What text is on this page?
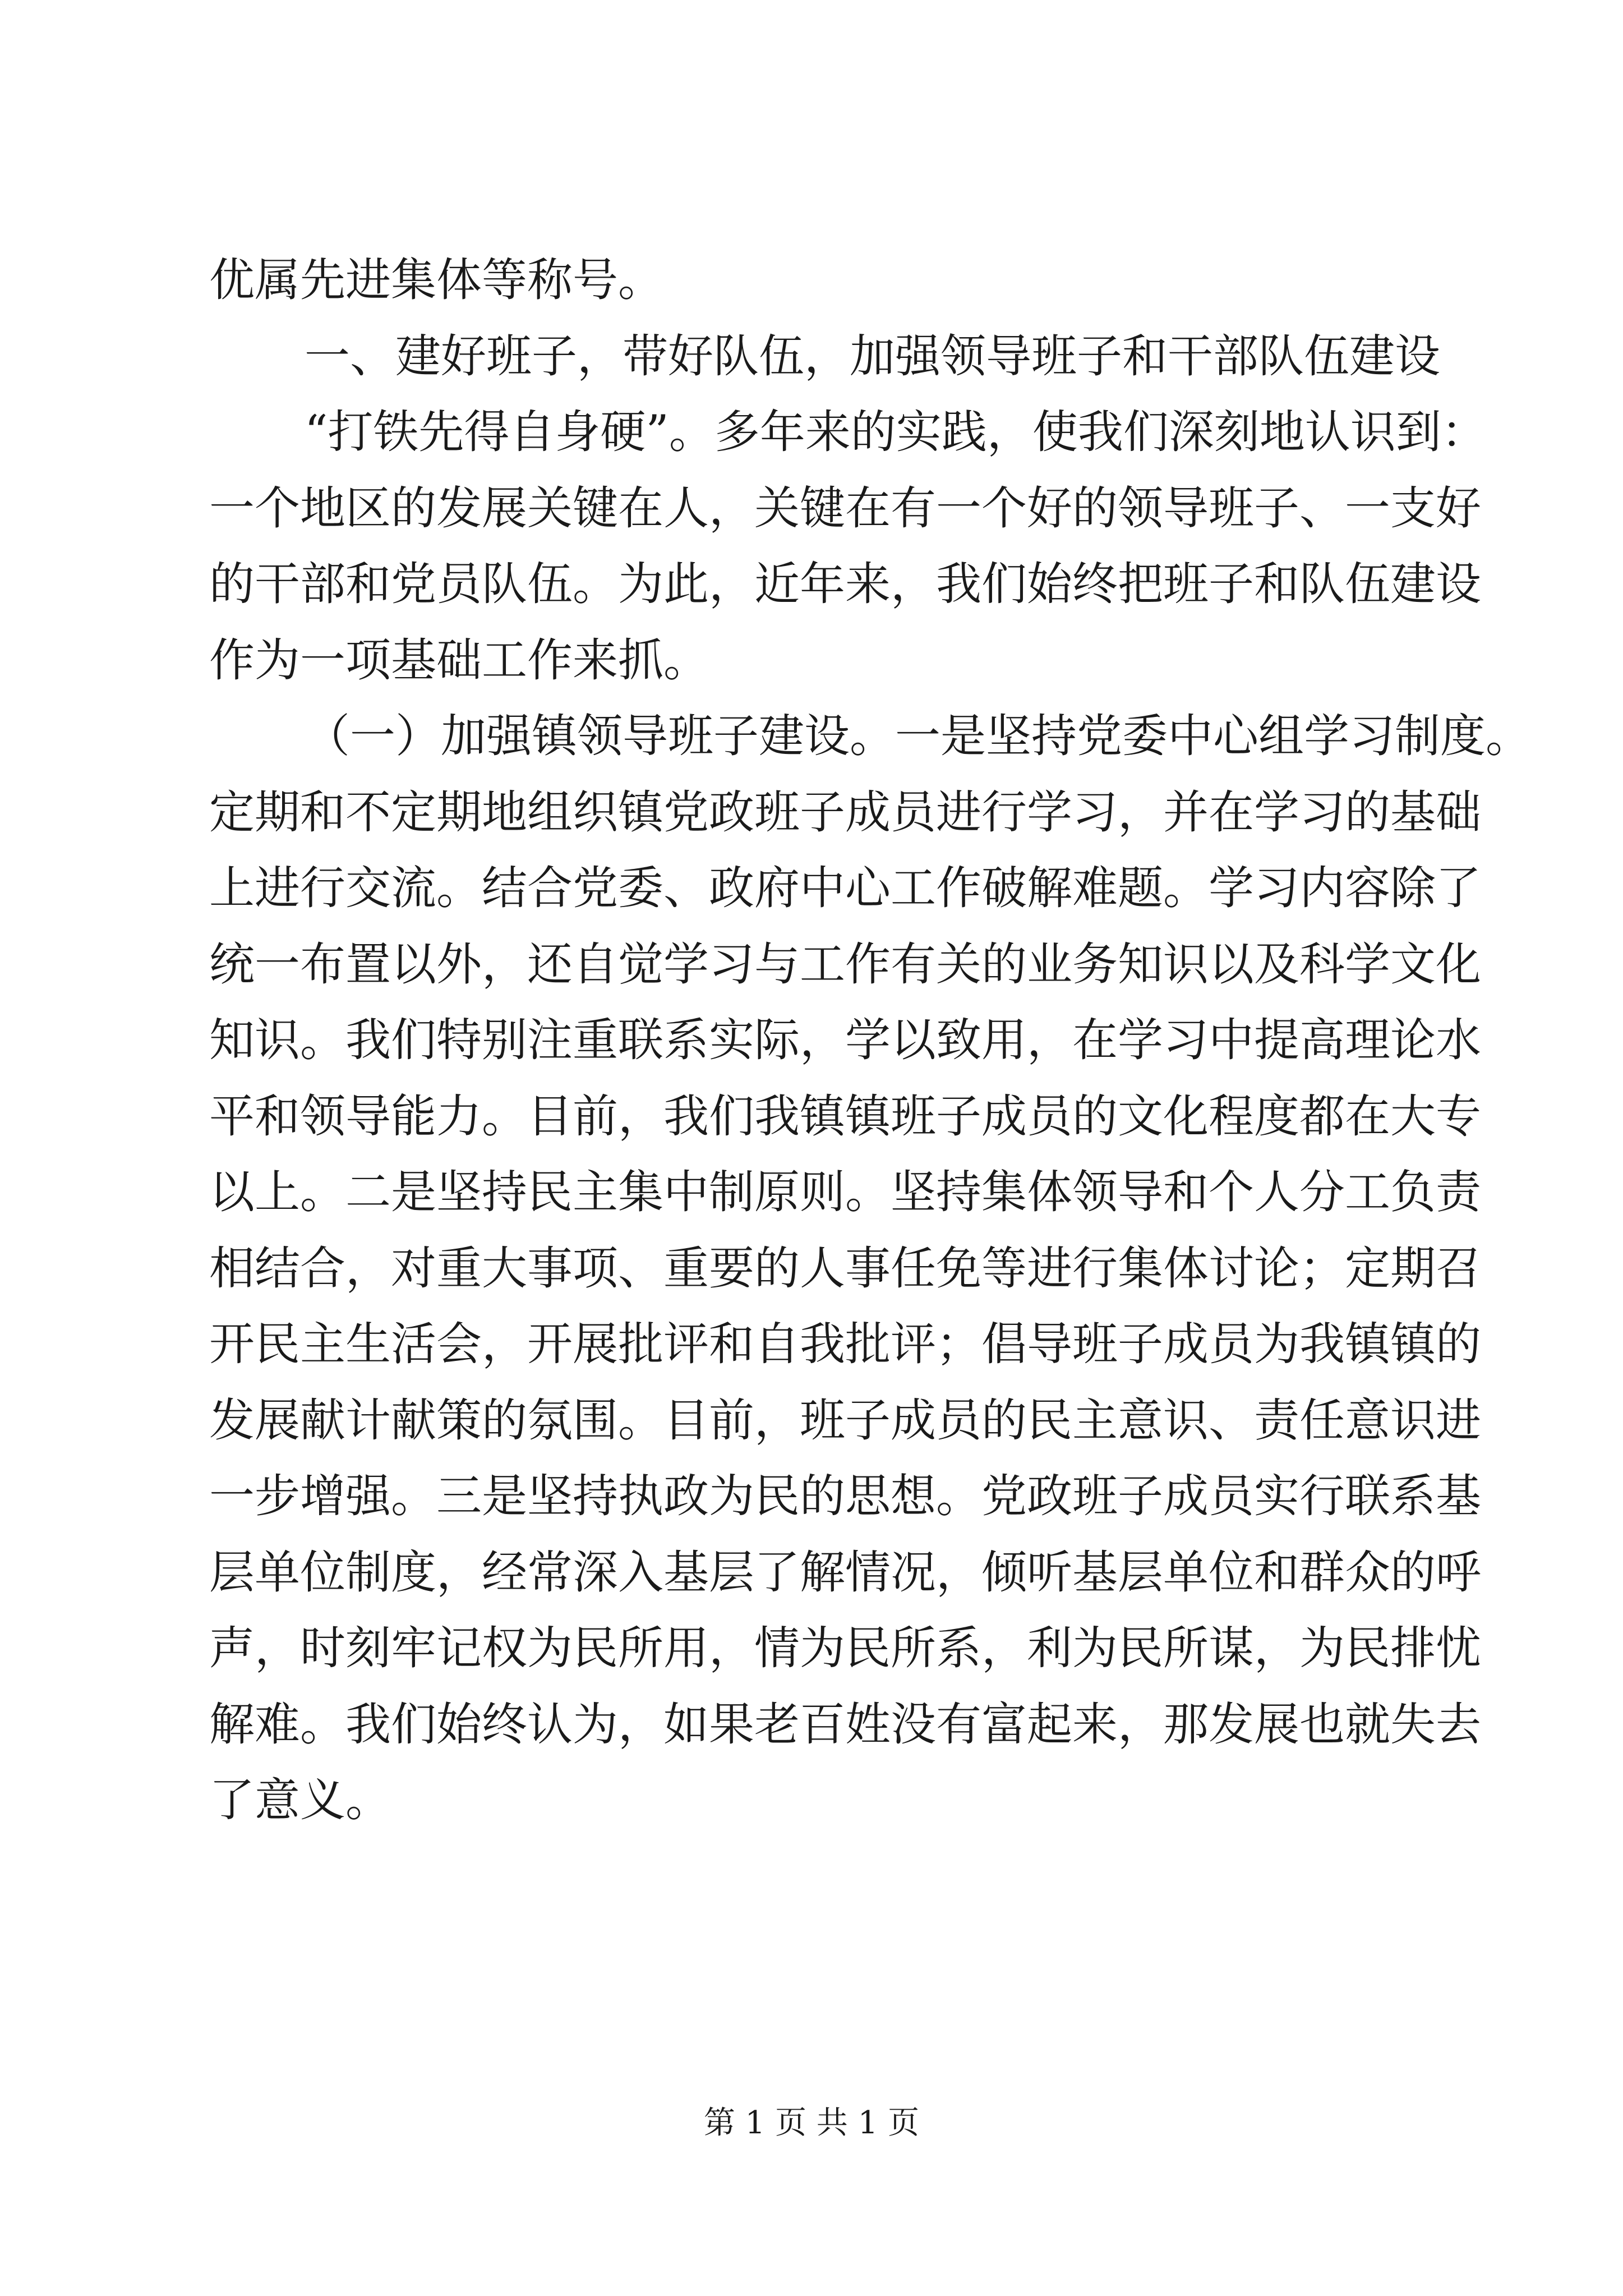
优属先进集体等称号。
一、建好班子，带好队伍，加强领导班子和干部队伍建设
“打铁先得自身硬”。多年来的实践，使我们深刻地认识到：
一个地区的发展关键在人，关键在有一个好的领导班子、一支好
的干部和党员队伍。为此，近年来，我们始终把班子和队伍建设
作为一项基础工作来抓。
（一）加强镇领导班子建设。一是坚持党委中心组学习制度。
定期和不定期地组织镇党政班子成员进行学习，并在学习的基础
上进行交流。结合党委、政府中心工作破解难题。学习内容除了
统一布置以外，还自觉学习与工作有关的业务知识以及科学文化
知识。我们特别注重联系实际，学以致用，在学习中提高理论水
平和领导能力。目前，我们我镇镇班子成员的文化程度都在大专
以上。二是坚持民主集中制原则。坚持集体领导和个人分工负责
相结合，对重大事项、重要的人事任免等进行集体讨论；定期召
开民主生活会，开展批评和自我批评；倡导班子成员为我镇镇的
发展献计献策的氛围。目前，班子成员的民主意识、责任意识进
一步增强。三是坚持执政为民的思想。党政班子成员实行联系基
层单位制度，经常深入基层了解情况，倾听基层单位和群众的呼
声，时刻牢记权为民所用，情为民所系，利为民所谋，为民排忧
解难。我们始终认为，如果老百姓没有富起来，那发展也就失去
了意义。
第 1 页 共 1 页
